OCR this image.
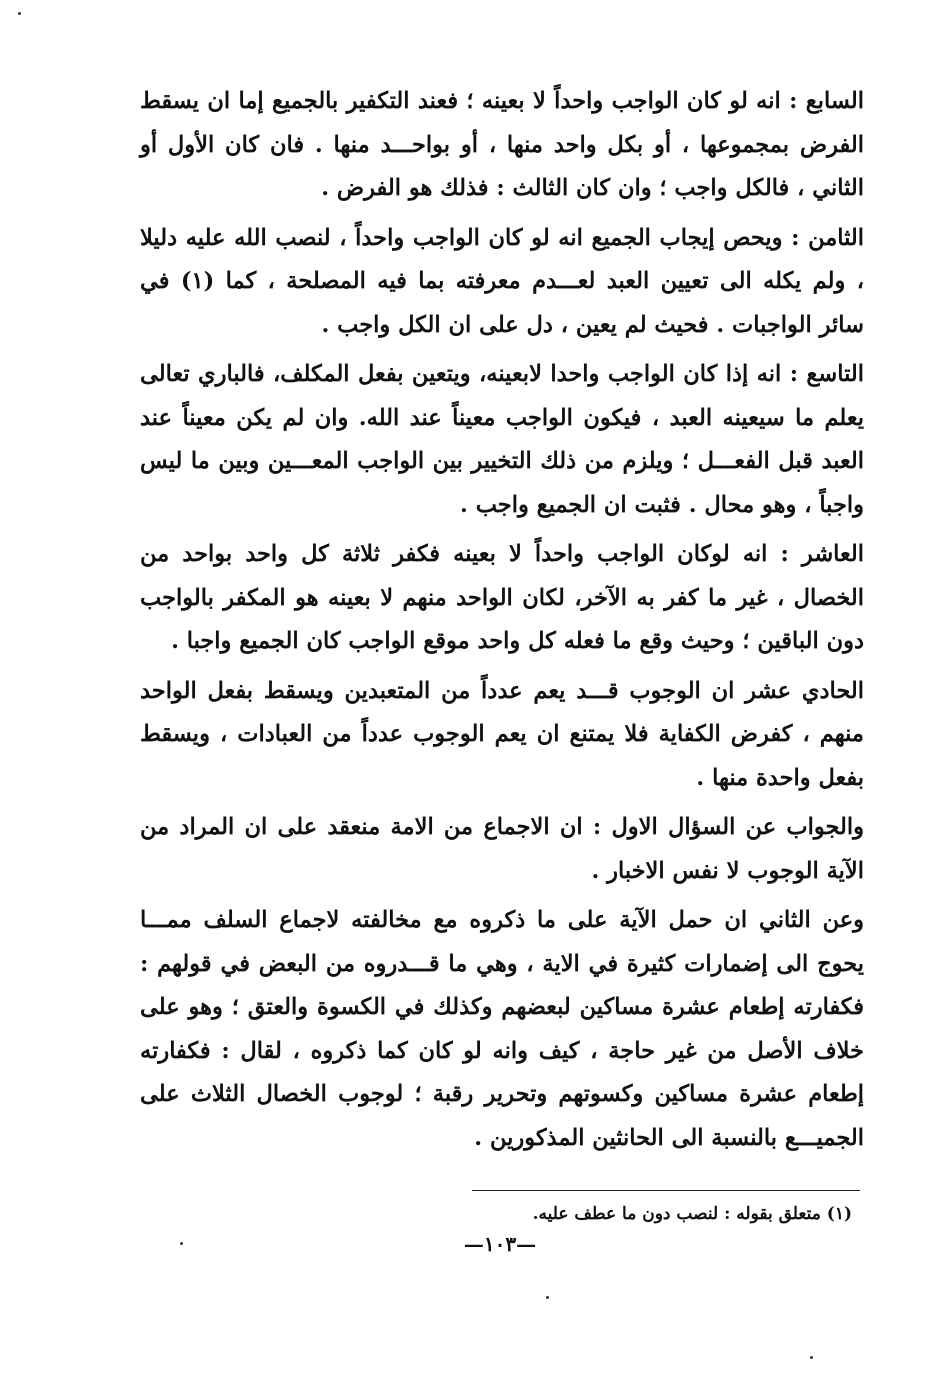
السابع : انه لو كان الواجب واحداً لا بعينه ؛ فعند التكفير بالجميع إما ان يسقط الفرض بمجموعها ، أو بكل واحد منها ، أو بواحـــد منها . فان كان الأول أو الثاني ، فالكل واجب ؛ وان كان الثالث : فذلك هو الفرض .

الثامن : ويحص إيجاب الجميع انه لو كان الواجب واحداً ، لنصب الله عليه دليلا ، ولم يكله الى تعيين العبد لعـــدم معرفته بما فيه المصلحة ، كما (١) في سائر الواجبات . فحيث لم يعين ، دل على ان الكل واجب .

التاسع : انه إذا كان الواجب واحدا لابعينه، ويتعين بفعل المكلف، فالباري تعالى يعلم ما سيعينه العبد ، فيكون الواجب معيناً عند الله. وان لم يكن معيناً عند العبد قبل الفعـــل ؛ ويلزم من ذلك التخيير بين الواجب المعـــين وبين ما ليس واجباً ، وهو محال . فثبت ان الجميع واجب .

العاشر : انه لوكان الواجب واحداً لا بعينه فكفر ثلاثة كل واحد بواحد من الخصال ، غير ما كفر به الآخر، لكان الواحد منهم لا بعينه هو المكفر بالواجب دون الباقين ؛ وحيث وقع ما فعله كل واحد موقع الواجب كان الجميع واجبا .

الحادي عشر ان الوجوب قـــد يعم عدداً من المتعبدين ويسقط بفعل الواحد منهم ، كفرض الكفاية فلا يمتنع ان يعم الوجوب عدداً من العبادات ، ويسقط بفعل واحدة منها .

والجواب عن السؤال الاول : ان الاجماع من الامة منعقد على ان المراد من الآية الوجوب لا نفس الاخبار .

وعن الثاني ان حمل الآية على ما ذكروه مع مخالفته لاجماع السلف ممـــا يحوج الى إضمارات كثيرة في الاية ، وهي ما قـــدروه من البعض في قولهم : فكفارته إطعام عشرة مساكين لبعضهم وكذلك في الكسوة والعتق ؛ وهو على خلاف الأصل من غير حاجة ، كيف وانه لو كان كما ذكروه ، لقال : فكفارته إطعام عشرة مساكين وكسوتهم وتحرير رقبة ؛ لوجوب الخصال الثلاث على الجميـــع بالنسبة الى الحانثين المذكورين .

(١) متعلق بقوله : لنصب دون ما عطف عليه.
—١٠٣—
